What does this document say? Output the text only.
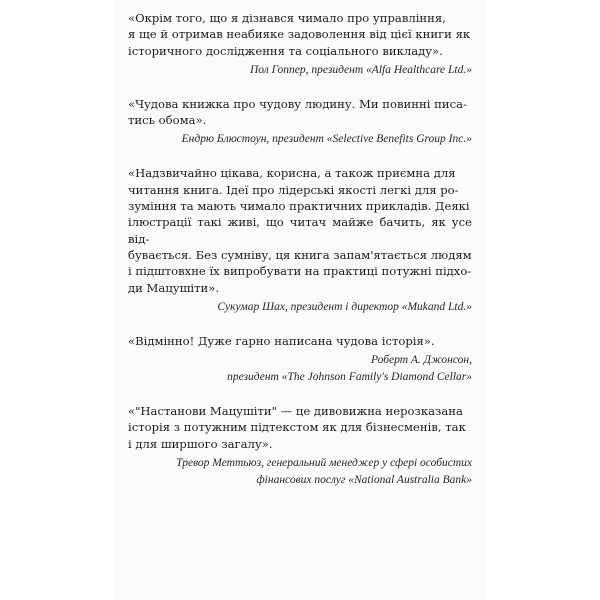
«Окрім того, що я дізнався чимало про управління,
я ще й отримав неабияке задоволення від цієї книги як
історичного дослідження та соціального викладу».

Пол Гоппер, президент «Alfa Healthcare Ltd.»

«Чудова книжка про чудову людину. Ми повинні писа-
тись обома».

Ендрю Блюстоун, президент «Selective Benefits Group Inc.»

«Надзвичайно цікава, корисна, а також приємна для
читання книга. Ідеї про лідерські якості легкі для ро-
зуміння та мають чимало практичних прикладів. Деякі
ілюстрації такі живі, що читач майже бачить, як усе від-
бувається. Без сумніву, ця книга запам'ятається людям
і підштовхне їх випробувати на практиці потужні підхо-
ди Мацушіти».

Сукумар Шах, президент і директор «Mukand Ltd.»

«Відмінно! Дуже гарно написана чудова історія».

Роберт А. Джонсон,
президент «The Johnson Family's Diamond Cellar»

«"Настанови Мацушіти" — це дивовижна нерозказана
історія з потужним підтекстом як для бізнесменів, так
і для ширшого загалу».

Тревор Меттьюз, генеральний менеджер у сфері особистих
фінансових послуг «National Australia Bank»
